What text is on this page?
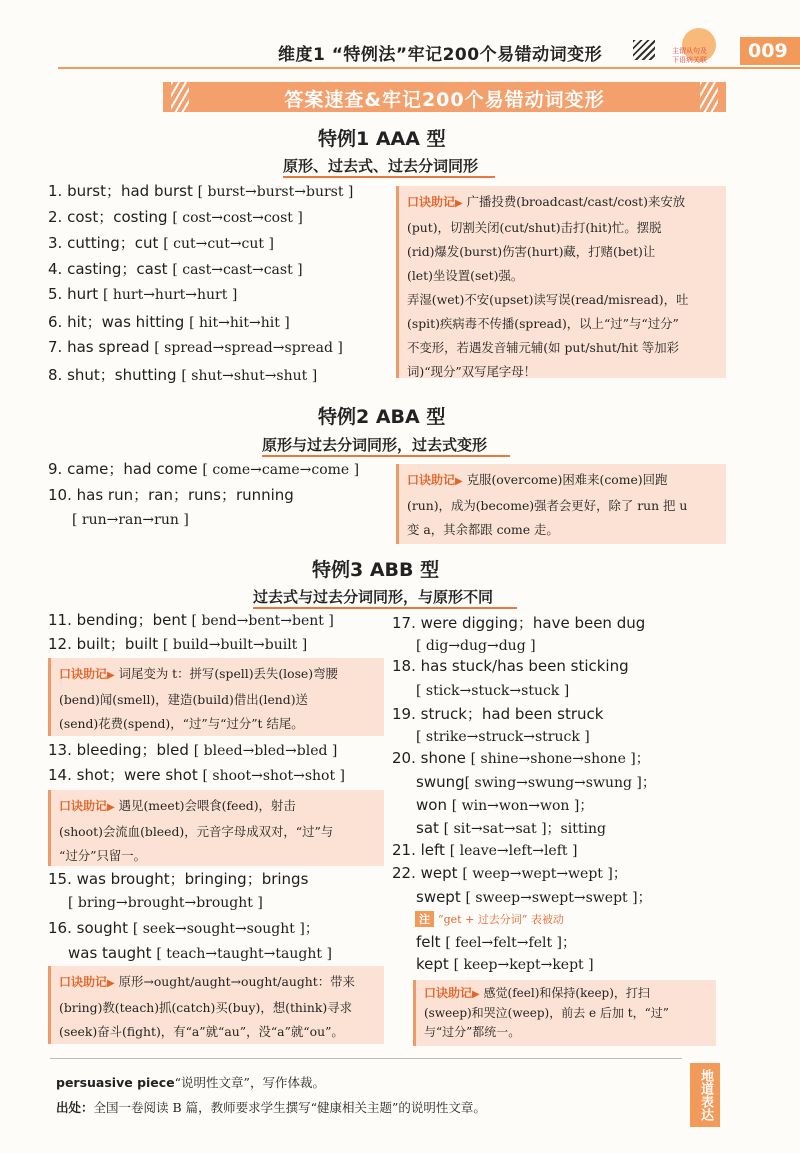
维度1 “特例法”牢记200个易错动词变形	主谓从句及
下语病关联 009
答案速查&牢记200个易错动词变形
特例1 AAA 型
原形、过去式、过去分词同形
1. burst；had burst [ burst→burst→burst ]
2. cost；costing [ cost→cost→cost ]
3. cutting；cut [ cut→cut→cut ]
4. casting；cast [ cast→cast→cast ]
5. hurt [ hurt→hurt→hurt ]
6. hit；was hitting [ hit→hit→hit ]
7. has spread [ spread→spread→spread ]
8. shut；shutting [ shut→shut→shut ]

口诀助记▶ 广播投费(broadcast/cast/cost)来安放

(put)，切割关闭(cut/shut)击打(hit)忙。摆脱

(rid)爆发(burst)伤害(hurt)藏，打赌(bet)让

(let)坐设置(set)强。

弄湿(wet)不安(upset)读写误(read/misread)，吐

(spit)疾病毒不传播(spread)，以上“过”与“过分”

不变形，若遇发音辅元辅(如 put/shut/hit 等加彩

词)“现分”双写尾字母！

特例2 ABA 型
原形与过去分词同形，过去式变形
9. came；had come [ come→came→come ]
10. has run；ran；runs；running
[ run→ran→run ]

口诀助记▶ 克服(overcome)困难来(come)回跑

(run)，成为(become)强者会更好，除了 run 把 u

变 a，其余都跟 come 走。

特例3 ABB 型
过去式与过去分词同形，与原形不同
11. bending；bent [ bend→bent→bent ]
12. built；built [ build→built→built ]

口诀助记▶ 词尾变为 t：拼写(spell)丢失(lose)弯腰

(bend)闻(smell)，建造(build)借出(lend)送

(send)花费(spend)，“过”与“过分”t 结尾。

13. bleeding；bled [ bleed→bled→bled ]
14. shot；were shot [ shoot→shot→shot ]

口诀助记▶ 遇见(meet)会喂食(feed)，射击

(shoot)会流血(bleed)，元音字母成双对，“过”与

“过分”只留一。

15. was brought；bringing；brings
[ bring→brought→brought ]
16. sought [ seek→sought→sought ]；
was taught [ teach→taught→taught ]

口诀助记▶ 原形→ought/aught→ought/aught：带来

(bring)教(teach)抓(catch)买(buy)，想(think)寻求

(seek)奋斗(fight)，有“a”就“au”，没“a”就“ou”。

17. were digging；have been dug
[ dig→dug→dug ]
18. has stuck/has been sticking
[ stick→stuck→stuck ]
19. struck；had been struck
[ strike→struck→struck ]
20. shone [ shine→shone→shone ]；
swung[ swing→swung→swung ]；
won [ win→won→won ]；
sat [ sit→sat→sat ]；sitting
21. left [ leave→left→left ]
22. wept [ weep→wept→wept ]；
swept [ sweep→swept→swept ]；
注 “get + 过去分词” 表被动
felt [ feel→felt→felt ]；
kept [ keep→kept→kept ]

口诀助记▶ 感觉(feel)和保持(keep)，打扫

(sweep)和哭泣(weep)，前去 e 后加 t，“过”

与“过分”都统一。

persuasive piece“说明性文章”，写作体裁。
出处：全国一卷阅读 B 篇，教师要求学生撰写“健康相关主题”的说明性文章。	地道表达
